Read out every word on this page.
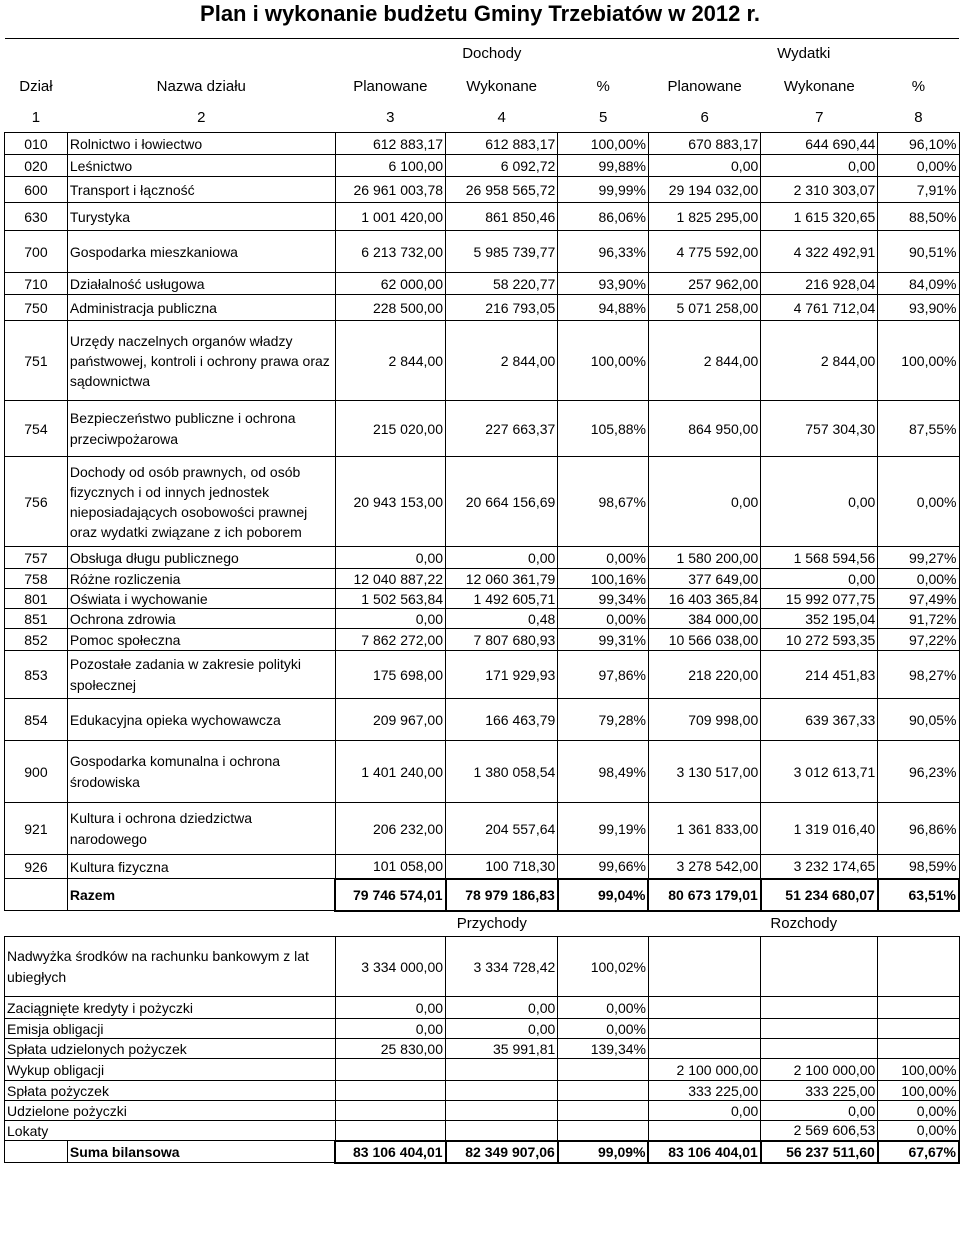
Plan i wykonanie budżetu Gminy Trzebiatów w 2012 r.
		Dochody			Wydatki		
Dział	Nazwa działu	Planowane	Wykonane	%	Planowane	Wykonane	%
1	2	3	4	5	6	7	8
010	Rolnictwo i łowiectwo	612 883,17	612 883,17	100,00%	670 883,17	644 690,44	96,10%
020	Leśnictwo	6 100,00	6 092,72	99,88%	0,00	0,00	0,00%
600	Transport i łączność	26 961 003,78	26 958 565,72	99,99%	29 194 032,00	2 310 303,07	7,91%
630	Turystyka	1 001 420,00	861 850,46	86,06%	1 825 295,00	1 615 320,65	88,50%
700	Gospodarka mieszkaniowa	6 213 732,00	5 985 739,77	96,33%	4 775 592,00	4 322 492,91	90,51%
710	Działalność usługowa	62 000,00	58 220,77	93,90%	257 962,00	216 928,04	84,09%
750	Administracja publiczna	228 500,00	216 793,05	94,88%	5 071 258,00	4 761 712,04	93,90%
751	Urzędy naczelnych organów władzy państwowej, kontroli i ochrony prawa oraz sądownictwa	2 844,00	2 844,00	100,00%	2 844,00	2 844,00	100,00%
754	Bezpieczeństwo publiczne i ochrona przeciwpożarowa	215 020,00	227 663,37	105,88%	864 950,00	757 304,30	87,55%
756	Dochody od osób prawnych, od osób fizycznych i od innych jednostek nieposiadających osobowości prawnej oraz wydatki związane z ich poborem	20 943 153,00	20 664 156,69	98,67%	0,00	0,00	0,00%
757	Obsługa długu publicznego	0,00	0,00	0,00%	1 580 200,00	1 568 594,56	99,27%
758	Różne rozliczenia	12 040 887,22	12 060 361,79	100,16%	377 649,00	0,00	0,00%
801	Oświata i wychowanie	1 502 563,84	1 492 605,71	99,34%	16 403 365,84	15 992 077,75	97,49%
851	Ochrona zdrowia	0,00	0,48	0,00%	384 000,00	352 195,04	91,72%
852	Pomoc społeczna	7 862 272,00	7 807 680,93	99,31%	10 566 038,00	10 272 593,35	97,22%
853	Pozostałe zadania w zakresie polityki społecznej	175 698,00	171 929,93	97,86%	218 220,00	214 451,83	98,27%
854	Edukacyjna opieka wychowawcza	209 967,00	166 463,79	79,28%	709 998,00	639 367,33	90,05%
900	Gospodarka komunalna i ochrona środowiska	1 401 240,00	1 380 058,54	98,49%	3 130 517,00	3 012 613,71	96,23%
921	Kultura i ochrona dziedzictwa narodowego	206 232,00	204 557,64	99,19%	1 361 833,00	1 319 016,40	96,86%
926	Kultura fizyczna	101 058,00	100 718,30	99,66%	3 278 542,00	3 232 174,65	98,59%
	Razem	79 746 574,01	78 979 186,83	99,04%	80 673 179,01	51 234 680,07	63,51%
		Przychody			Rozchody		
Nadwyżka środków na rachunku bankowym z lat ubiegłych		3 334 000,00	3 334 728,42	100,02%			
Zaciągnięte kredyty i pożyczki		0,00	0,00	0,00%			
Emisja obligacji		0,00	0,00	0,00%			
Spłata udzielonych pożyczek		25 830,00	35 991,81	139,34%			
Wykup obligacji					2 100 000,00	2 100 000,00	100,00%
Spłata pożyczek					333 225,00	333 225,00	100,00%
Udzielone pożyczki					0,00	0,00	0,00%
Lokaty						2 569 606,53	0,00%
	Suma bilansowa	83 106 404,01	82 349 907,06	99,09%	83 106 404,01	56 237 511,60	67,67%
